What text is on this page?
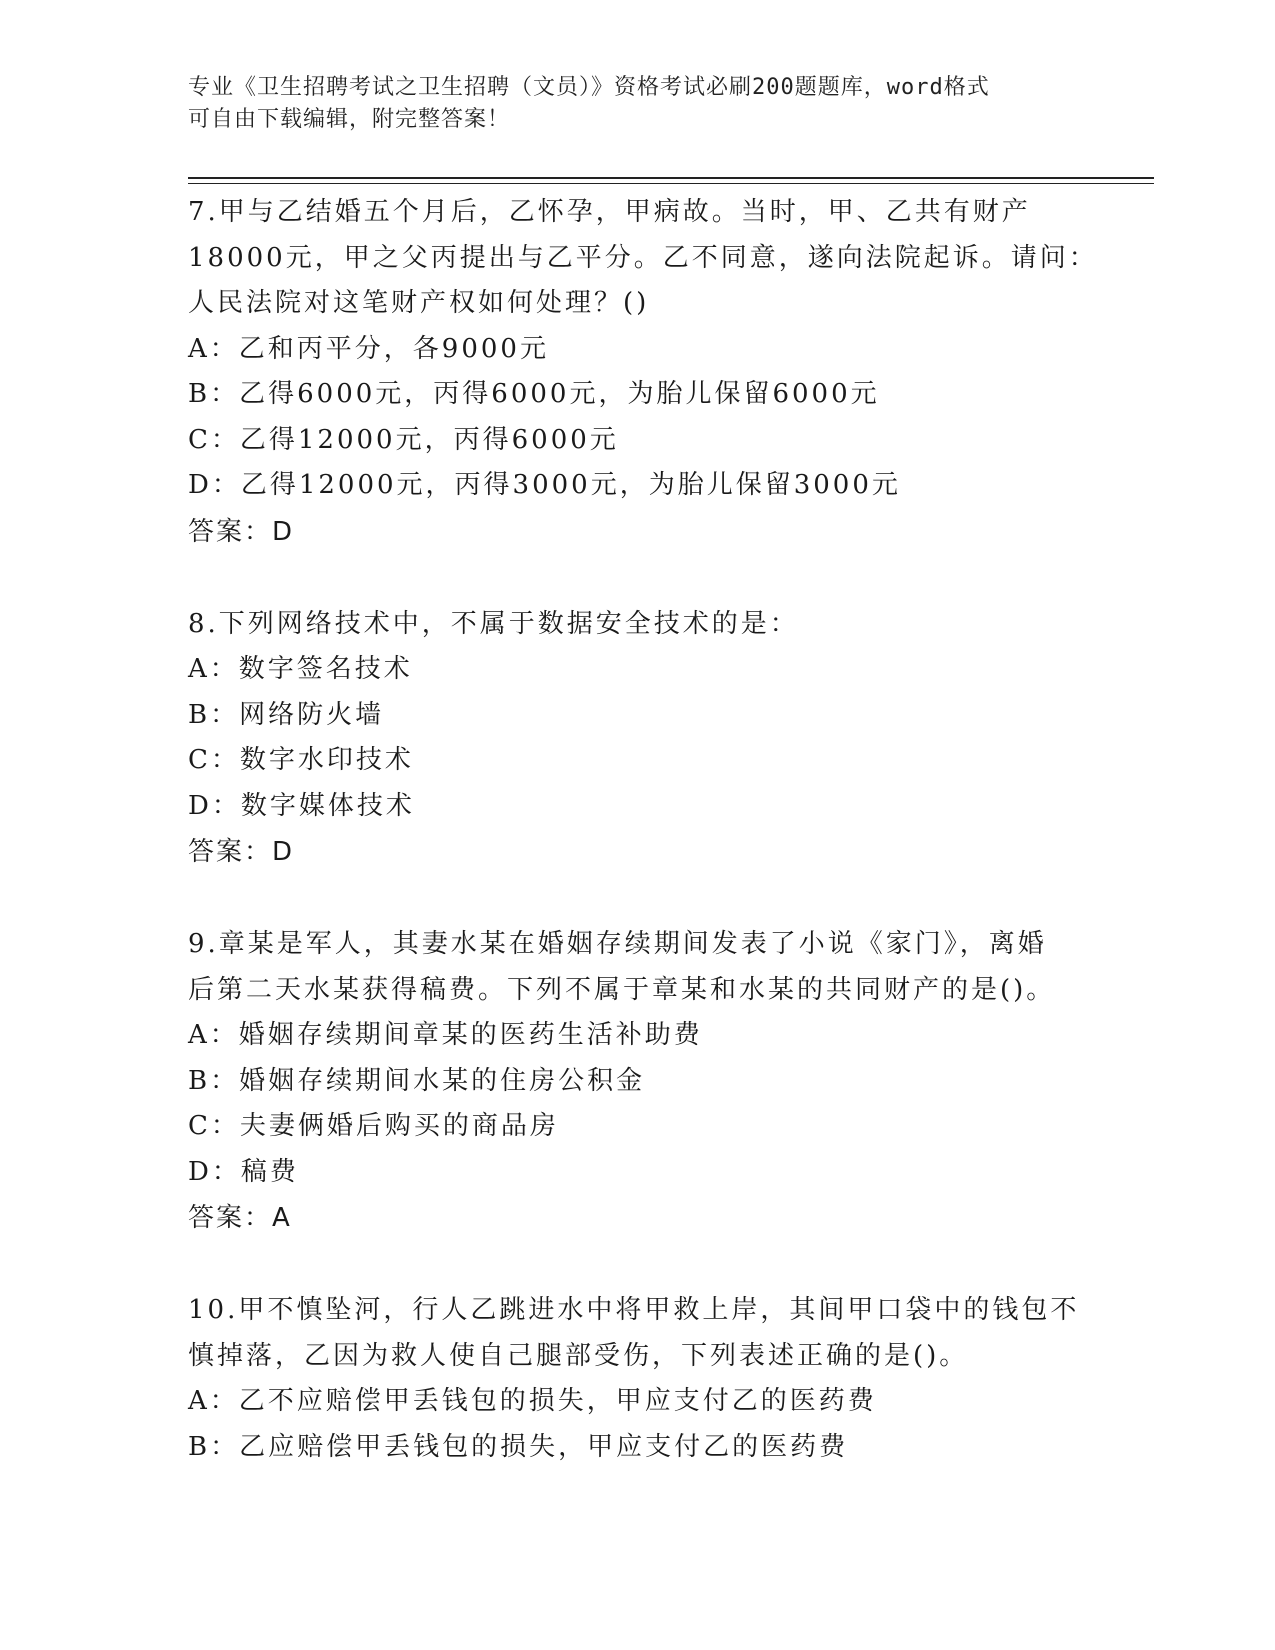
专业《卫生招聘考试之卫生招聘（文员）》资格考试必刷200题题库，word格式
可自由下载编辑，附完整答案！
7.甲与乙结婚五个月后，乙怀孕，甲病故。当时，甲、乙共有财产
18000元，甲之父丙提出与乙平分。乙不同意，遂向法院起诉。请问：
人民法院对这笔财产权如何处理？()
A：乙和丙平分，各9000元
B：乙得6000元，丙得6000元，为胎儿保留6000元
C：乙得12000元，丙得6000元
D：乙得12000元，丙得3000元，为胎儿保留3000元
答案：D
8.下列网络技术中，不属于数据安全技术的是：
A：数字签名技术
B：网络防火墙
C：数字水印技术
D：数字媒体技术
答案：D
9.章某是军人，其妻水某在婚姻存续期间发表了小说《家门》，离婚
后第二天水某获得稿费。下列不属于章某和水某的共同财产的是()。
A：婚姻存续期间章某的医药生活补助费
B：婚姻存续期间水某的住房公积金
C：夫妻俩婚后购买的商品房
D：稿费
答案：A
10.甲不慎坠河，行人乙跳进水中将甲救上岸，其间甲口袋中的钱包不
慎掉落，乙因为救人使自己腿部受伤，下列表述正确的是()。
A：乙不应赔偿甲丢钱包的损失，甲应支付乙的医药费
B：乙应赔偿甲丢钱包的损失，甲应支付乙的医药费
